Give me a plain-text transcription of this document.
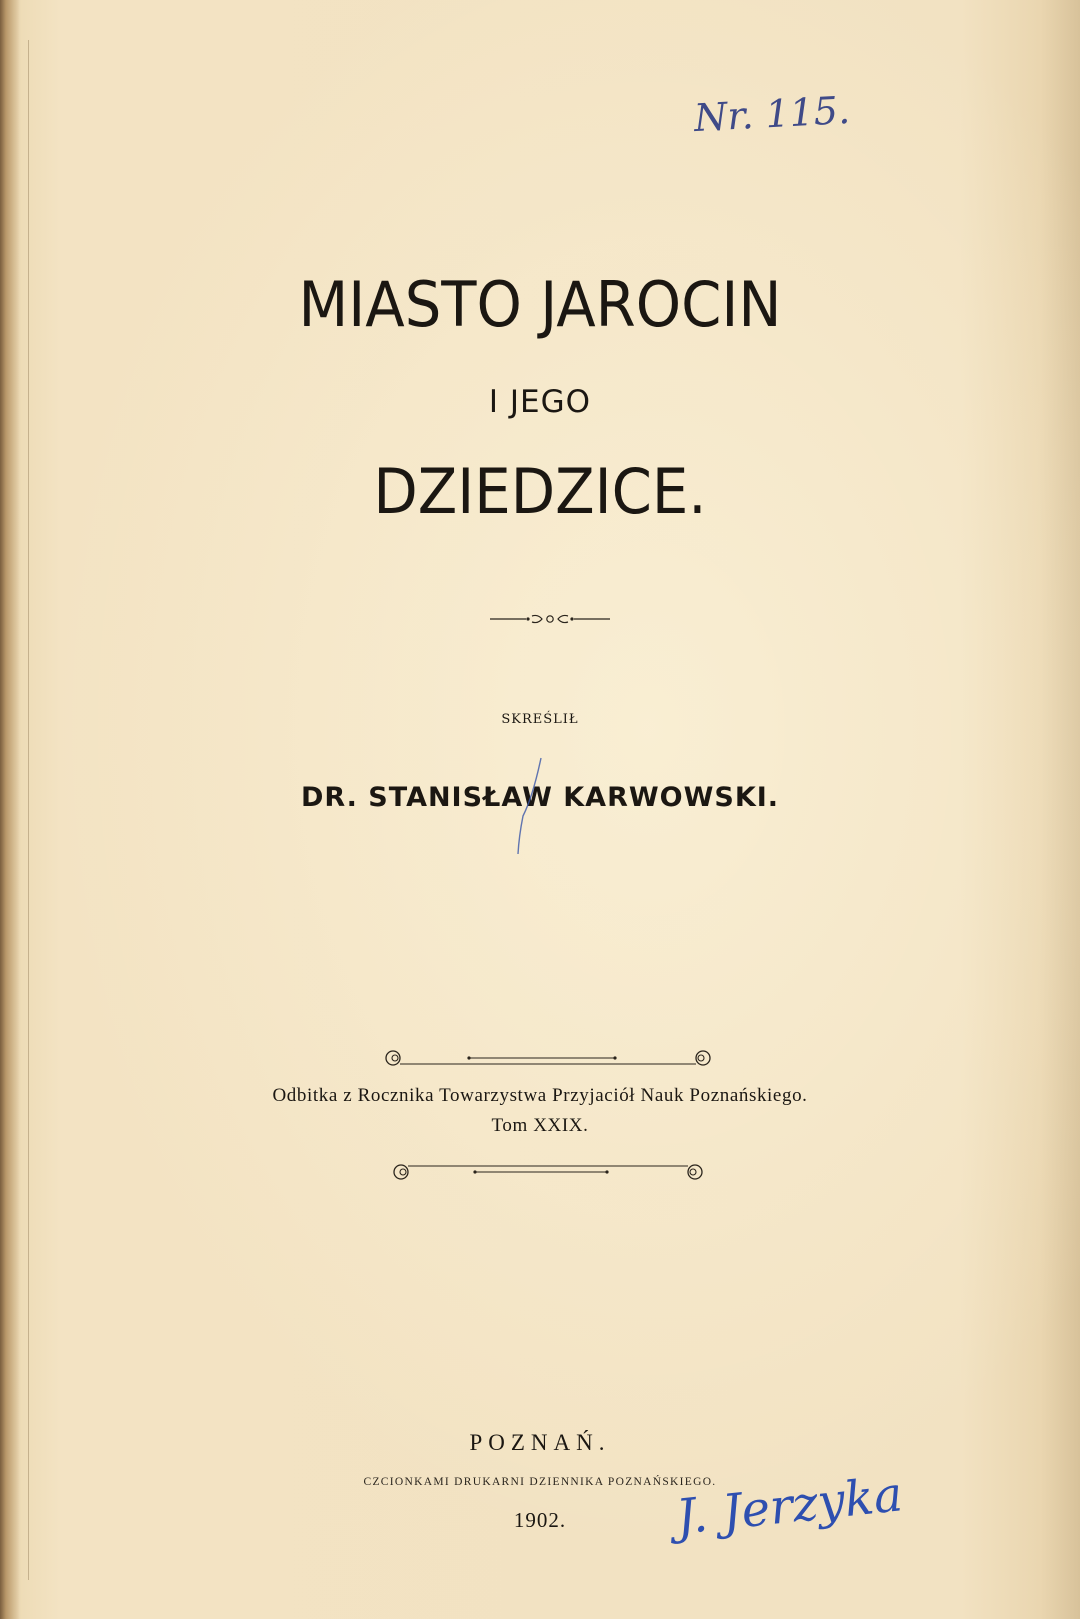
Nr. 115.
MIASTO JAROCIN
I JEGO
DZIEDZICE.
SKREŚLIŁ
DR. STANISŁAW KARWOWSKI.
Odbitka z Rocznika Towarzystwa Przyjaciół Nauk Poznańskiego.
Tom XXIX.
POZNAŃ.
CZCIONKAMI DRUKARNI DZIENNIKA POZNAŃSKIEGO.
1902.	J. Jerzyka
